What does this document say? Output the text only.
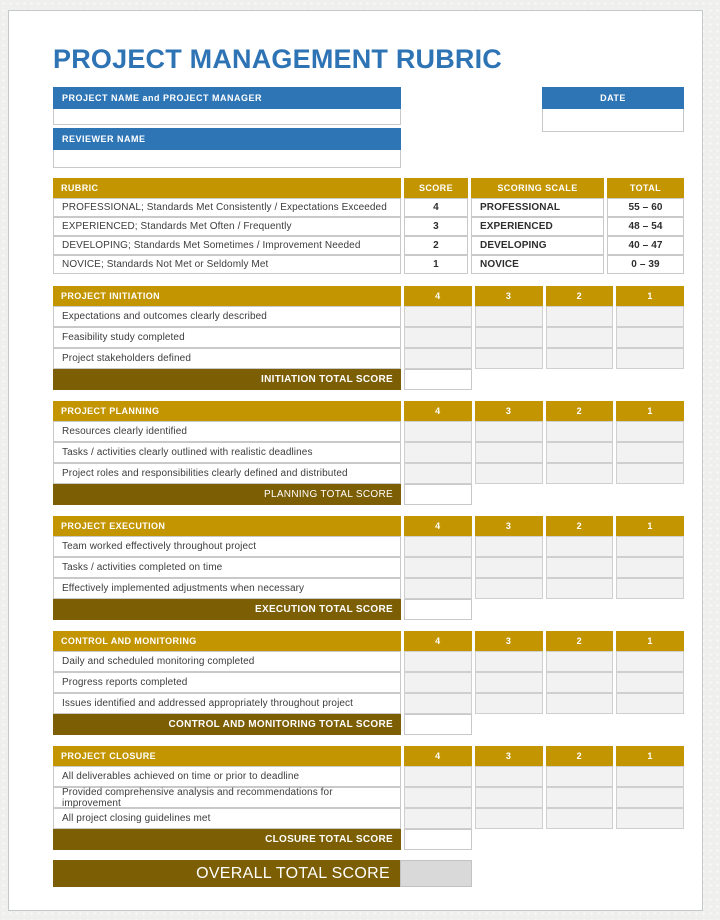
PROJECT MANAGEMENT RUBRIC
PROJECT NAME and PROJECT MANAGER
REVIEWER NAME
DATE
RUBRIC	SCORE	SCORING SCALE	TOTAL
PROFESSIONAL; Standards Met Consistently / Expectations Exceeded	4	PROFESSIONAL	55 – 60
EXPERIENCED; Standards Met Often / Frequently	3	EXPERIENCED	48 – 54
DEVELOPING; Standards Met Sometimes / Improvement Needed	2	DEVELOPING	40 – 47
NOVICE; Standards Not Met or Seldomly Met	1	NOVICE	0 – 39
PROJECT INITIATION	4	3	2	1
Expectations and outcomes clearly described
Feasibility study completed
Project stakeholders defined
INITIATION TOTAL SCORE
PROJECT PLANNING	4	3	2	1
Resources clearly identified
Tasks / activities clearly outlined with realistic deadlines
Project roles and responsibilities clearly defined and distributed
PLANNING TOTAL SCORE
PROJECT EXECUTION	4	3	2	1
Team worked effectively throughout project
Tasks / activities completed on time
Effectively implemented adjustments when necessary
EXECUTION TOTAL SCORE
CONTROL AND MONITORING	4	3	2	1
Daily and scheduled monitoring completed
Progress reports completed
Issues identified and addressed appropriately throughout project
CONTROL AND MONITORING TOTAL SCORE
PROJECT CLOSURE	4	3	2	1
All deliverables achieved on time or prior to deadline
Provided comprehensive analysis and recommendations for improvement
All project closing guidelines met
CLOSURE TOTAL SCORE
OVERALL TOTAL SCORE
